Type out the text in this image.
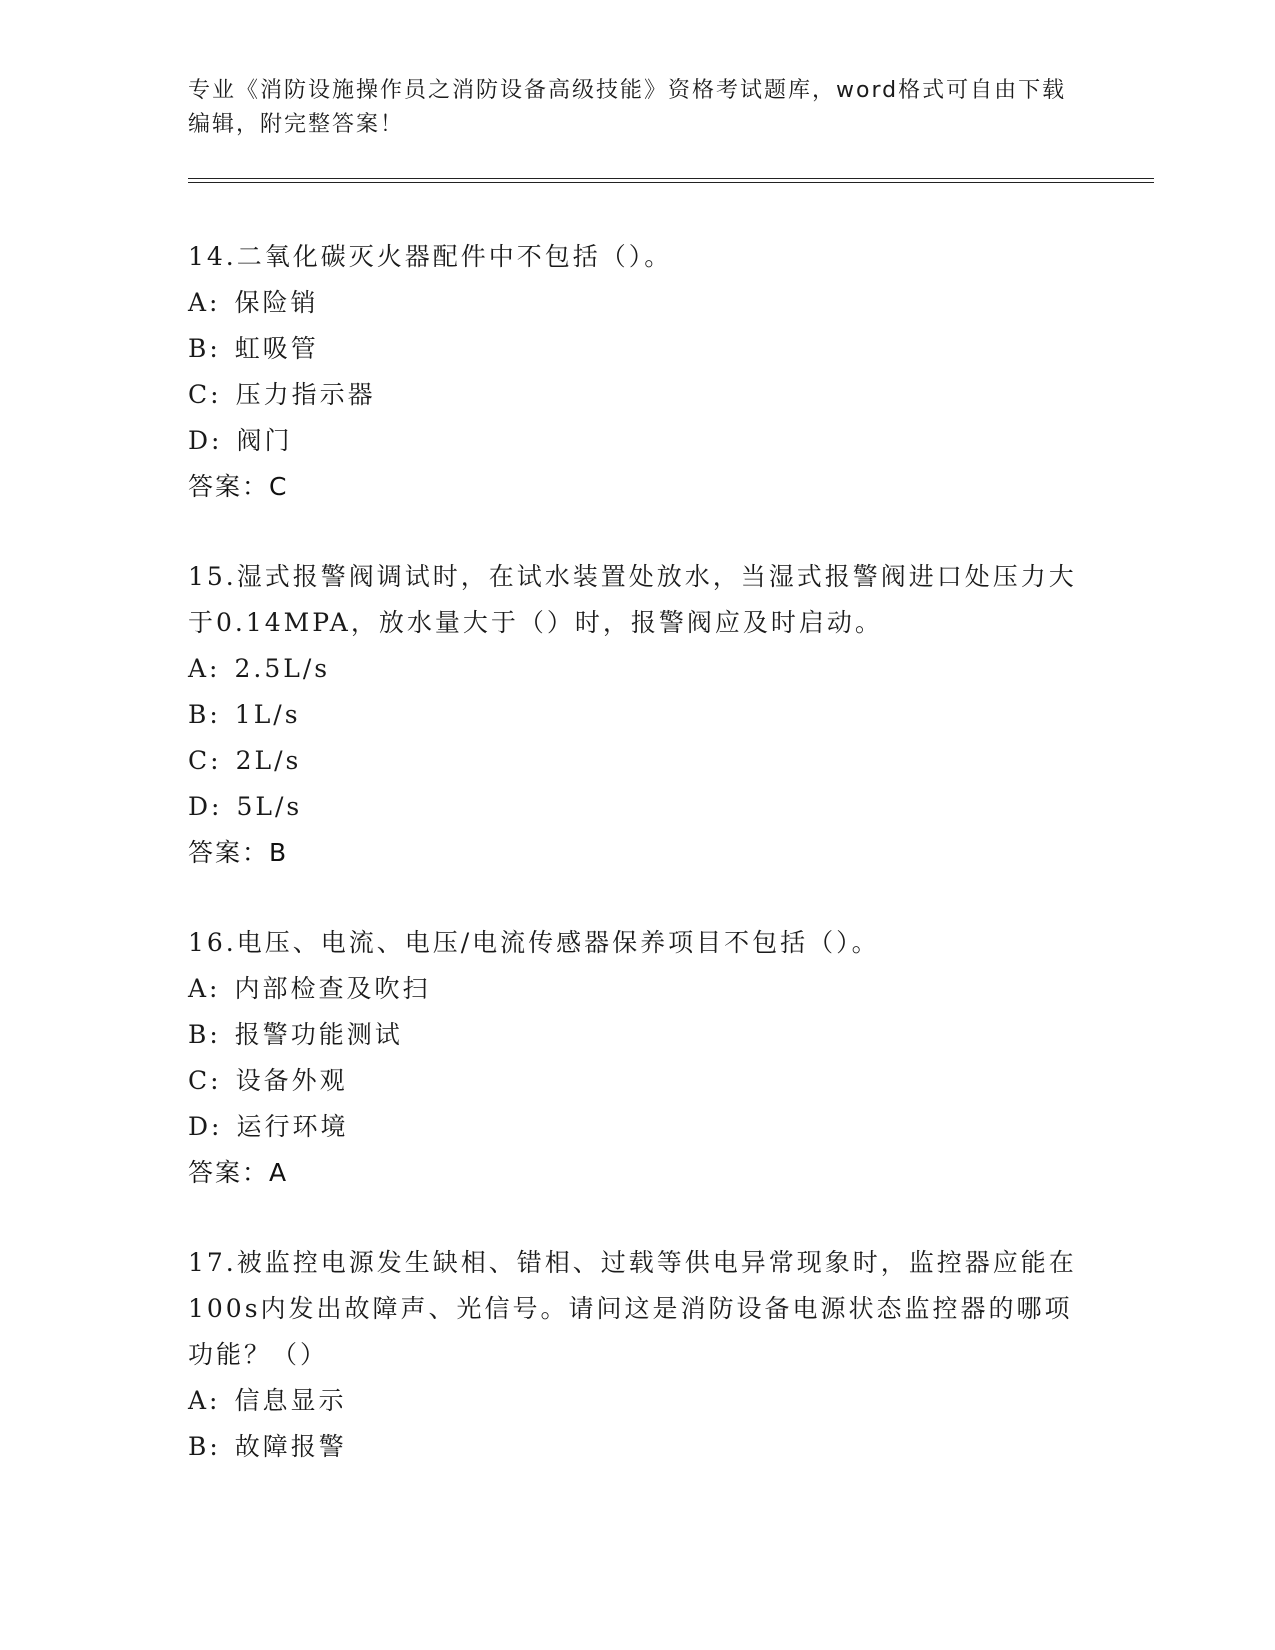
专业《消防设施操作员之消防设备高级技能》资格考试题库，word格式可自由下载编辑，附完整答案！
14.二氧化碳灭火器配件中不包括（）。
A: 保险销
B: 虹吸管
C: 压力指示器
D: 阀门
答案：C
15.湿式报警阀调试时，在试水装置处放水，当湿式报警阀进口处压力大于0.14MPA，放水量大于（）时，报警阀应及时启动。
A: 2.5L/s
B: 1L/s
C: 2L/s
D: 5L/s
答案：B
16.电压、电流、电压/电流传感器保养项目不包括（）。
A: 内部检查及吹扫
B: 报警功能测试
C: 设备外观
D: 运行环境
答案：A
17.被监控电源发生缺相、错相、过载等供电异常现象时，监控器应能在100s内发出故障声、光信号。请问这是消防设备电源状态监控器的哪项功能？（）
A: 信息显示
B: 故障报警
